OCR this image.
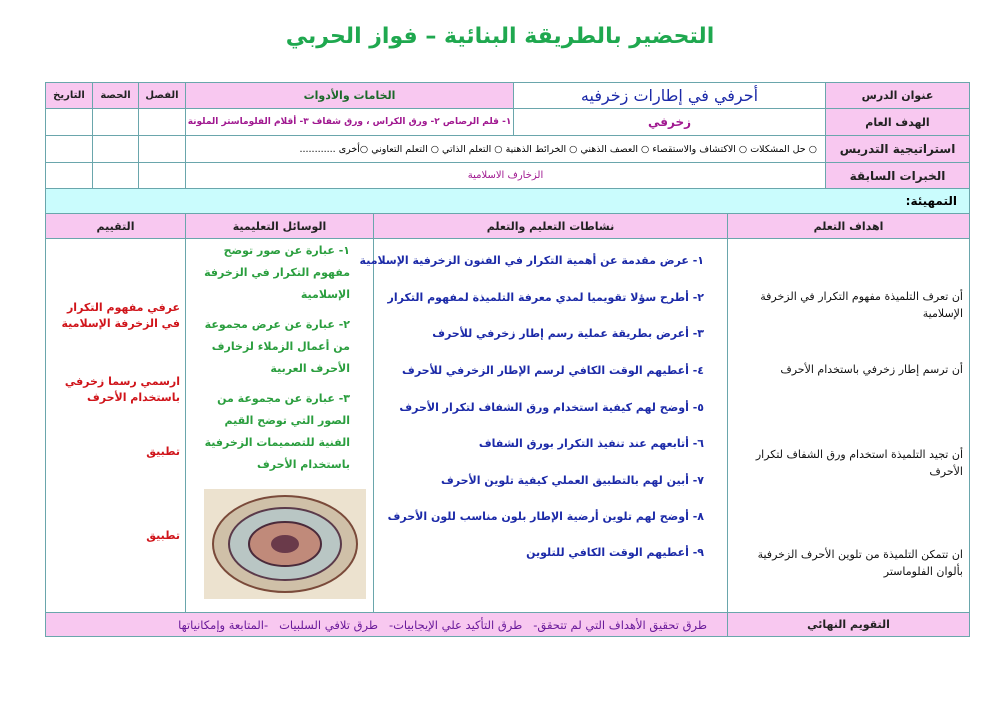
التحضير بالطريقة البنائية – فواز الحربي
عنوان الدرس
أحرفي في إطارات زخرفيه
الخامات والأدوات
الفصل
الحصة
التاريخ
الهدف العام
زخرفي
١- قلم الرصاص ٢- ورق الكراس ، ورق شفاف ٣- أقلام الفلوماستر الملونة
استراتيجية التدريس
○ حل المشكلات ○ الاكتشاف والاستقصاء ○ العصف الذهني ○ الخرائط الذهنية ○ التعلم الذاتي ○ التعلم التعاوني ○أخرى ............
الخبرات السابقة
الزخارف الاسلامية
التمهيئة:
اهداف التعلم
نشاطات التعليم والتعلم
الوسائل التعليمية
التقييم
أن تعرف التلميذة مفهوم التكرار في الزخرفة الإسلامية
أن ترسم إطار زخرفي باستخدام الأحرف
أن تجيد التلميذة استخدام ورق الشفاف لتكرار الأحرف
ان تتمكن التلميذة من تلوين الأحرف الزخرفية بألوان الفلوماستر
١- عرض مقدمة عن أهمية التكرار في الفنون الزخرفية الإسلامية
٢- أطرح سؤلا تقويميا لمدي معرفة التلميذة لمفهوم التكرار
٣- أعرض بطريقة عملية رسم إطار زخرفي للأحرف
٤- أعطيهم الوقت الكافي لرسم الإطار الزخرفي للأحرف
٥- أوضح لهم كيفية استخدام ورق الشفاف لتكرار الأحرف
٦- أتابعهم عند تنفيذ التكرار بورق الشفاف
٧- أبين لهم بالتطبيق العملي كيفية تلوين الأحرف
٨- أوضح لهم تلوين أرضية الإطار بلون مناسب للون الأحرف
٩- أعطيهم الوقت الكافي للتلوين
١- عبارة عن صور توضح مفهوم التكرار في الزخرفة الإسلامية
٢- عبارة عن عرض مجموعة من أعمال الزملاء لزخارف الأحرف العربية
٣- عبارة عن مجموعة من الصور التي توضح القيم الفنية للتصميمات الزخرفية باستخدام الأحرف
عرفي مفهوم التكرار في الزخرفة الإسلامية
ارسمي رسما زخرفي باستخدام الأحرف
تطبيق
تطبيق
التقويم النهائي
طرق تحقيق الأهداف التي لم تتحقق-   طرق التأكيد علي الإيجابيات-   طرق تلافي السلبيات   -المتابعة وإمكانياتها
